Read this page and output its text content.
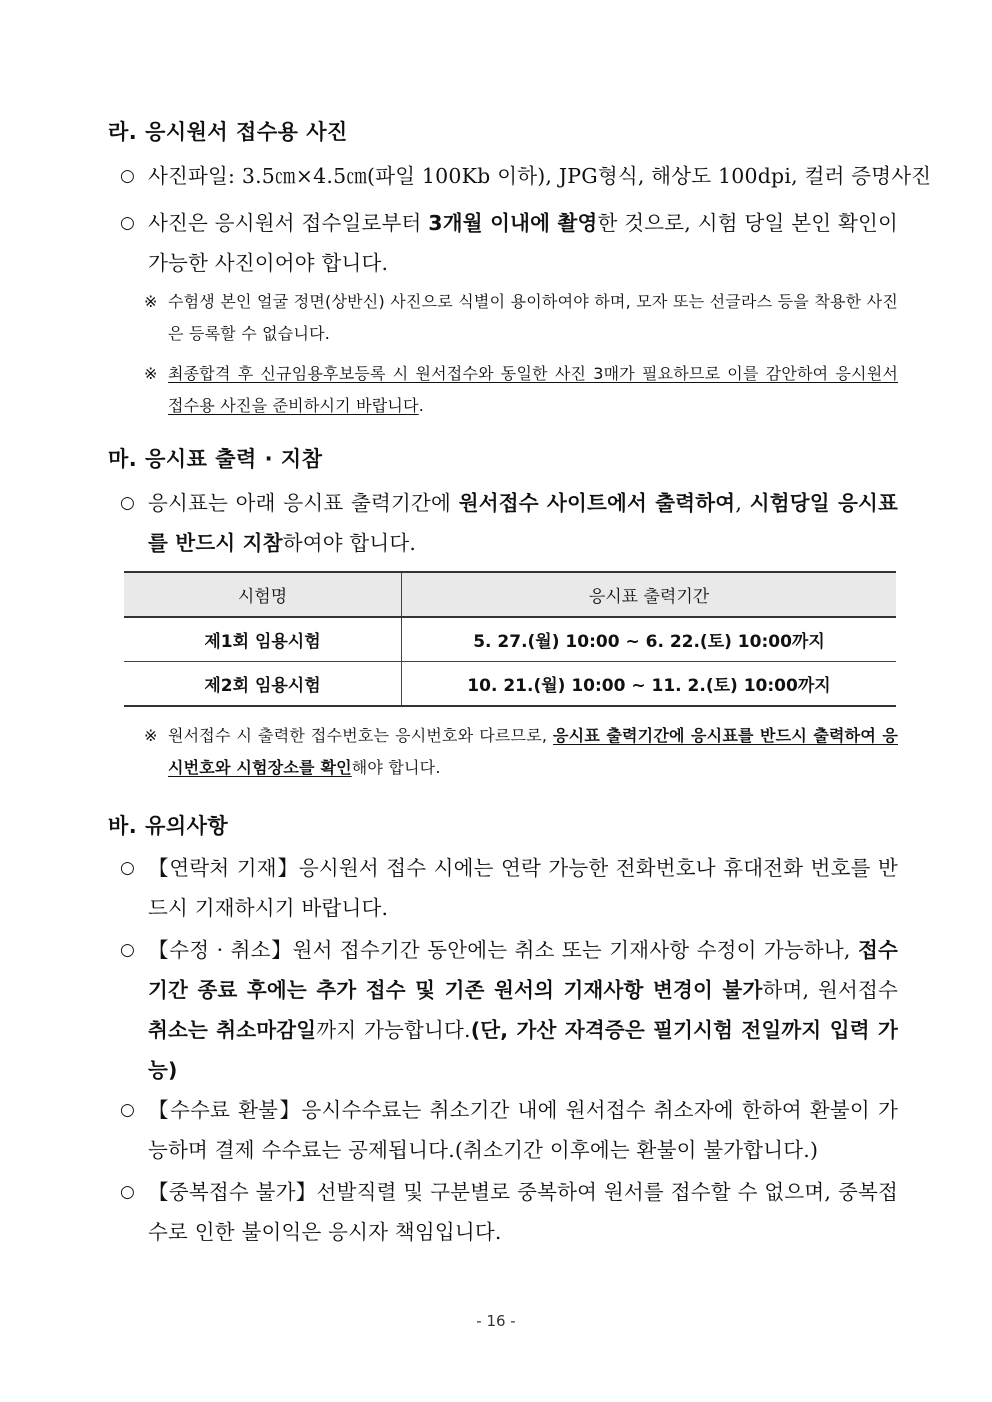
라. 응시원서 접수용 사진
○ 사진파일: 3.5㎝×4.5㎝(파일 100Kb 이하), JPG형식, 해상도 100dpi, 컬러 증명사진
○ 사진은 응시원서 접수일로부터 3개월 이내에 촬영한 것으로, 시험 당일 본인 확인이 가능한 사진이어야 합니다.
※ 수험생 본인 얼굴 정면(상반신) 사진으로 식별이 용이하여야 하며, 모자 또는 선글라스 등을 착용한 사진은 등록할 수 없습니다.
※ 최종합격 후 신규임용후보등록 시 원서접수와 동일한 사진 3매가 필요하므로 이를 감안하여 응시원서 접수용 사진을 준비하시기 바랍니다.
마. 응시표 출력 · 지참
○ 응시표는 아래 응시표 출력기간에 원서접수 사이트에서 출력하여, 시험당일 응시표를 반드시 지참하여야 합니다.
시험명	응시표 출력기간
제1회 임용시험	5. 27.(월) 10:00 ~ 6. 22.(토) 10:00까지
제2회 임용시험	10. 21.(월) 10:00 ~ 11. 2.(토) 10:00까지
※ 원서접수 시 출력한 접수번호는 응시번호와 다르므로, 응시표 출력기간에 응시표를 반드시 출력하여 응시번호와 시험장소를 확인해야 합니다.
바. 유의사항
○ 【연락처 기재】응시원서 접수 시에는 연락 가능한 전화번호나 휴대전화 번호를 반드시 기재하시기 바랍니다.
○ 【수정 · 취소】원서 접수기간 동안에는 취소 또는 기재사항 수정이 가능하나, 접수기간 종료 후에는 추가 접수 및 기존 원서의 기재사항 변경이 불가하며, 원서접수 취소는 취소마감일까지 가능합니다.(단, 가산 자격증은 필기시험 전일까지 입력 가능)
○ 【수수료 환불】응시수수료는 취소기간 내에 원서접수 취소자에 한하여 환불이 가능하며 결제 수수료는 공제됩니다.(취소기간 이후에는 환불이 불가합니다.)
○ 【중복접수 불가】선발직렬 및 구분별로 중복하여 원서를 접수할 수 없으며, 중복접수로 인한 불이익은 응시자 책임입니다.
- 16 -
